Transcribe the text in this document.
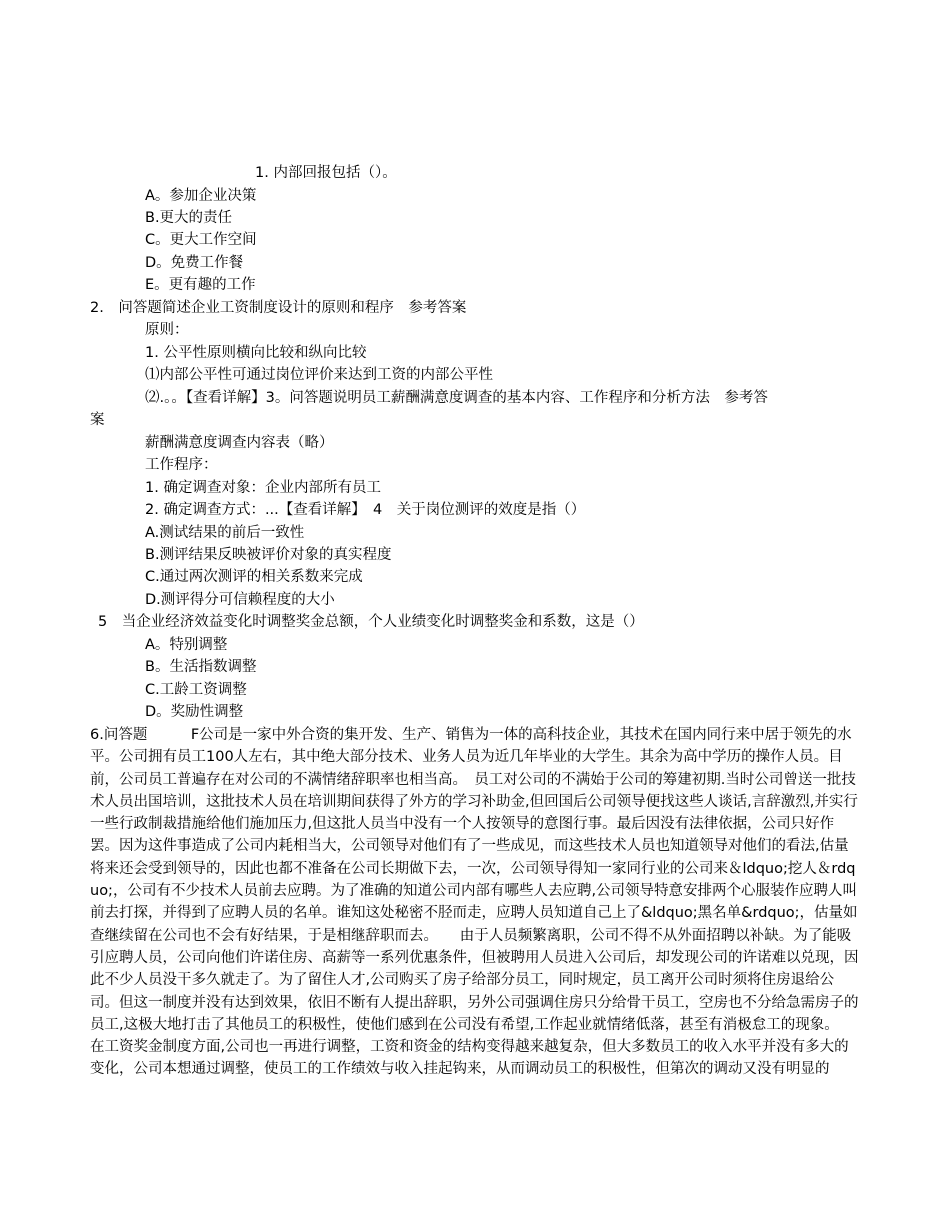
1. 内部回报包括（）。
A。参加企业决策
B.更大的责任
C。更大工作空间
D。免费工作餐
E。更有趣的工作
2.　问答题简述企业工资制度设计的原则和程序　参考答案
原则：
1. 公平性原则横向比较和纵向比较
⑴内部公平性可通过岗位评价来达到工资的内部公平性
⑵.。。【查看详解】3。问答题说明员工薪酬满意度调查的基本内容、工作程序和分析方法　参考答
案
薪酬满意度调查内容表（略）
工作程序：
1. 确定调查对象：企业内部所有员工
2. 确定调查方式：...【查看详解】　4　关于岗位测评的效度是指（）
A.测试结果的前后一致性
B.测评结果反映被评价对象的真实程度
C.通过两次测评的相关系数来完成
D.测评得分可信赖程度的大小
5　当企业经济效益变化时调整奖金总额，个人业绩变化时调整奖金和系数，这是（）
A。特别调整
B。生活指数调整
C.工龄工资调整
D。奖励性调整
6.问答题　　　F公司是一家中外合资的集开发、生产、销售为一体的高科技企业，其技术在国内同行来中居于领先的水平。公司拥有员工100人左右，其中绝大部分技术、业务人员为近几年毕业的大学生。其余为高中学历的操作人员。目前，公司员工普遍存在对公司的不满情绪辞职率也相当高。　员工对公司的不满始于公司的筹建初期.当时公司曾送一批技术人员出国培训，这批技术人员在培训期间获得了外方的学习补助金,但回国后公司领导便找这些人谈话,言辞激烈,并实行一些行政制裁措施给他们施加压力,但这批人员当中没有一个人按领导的意图行事。最后因没有法律依据，公司只好作罢。因为这件事造成了公司内耗相当大，公司领导对他们有了一些成见，而这些技术人员也知道领导对他们的看法,估量将来还会受到领导的，因此也都不准备在公司长期做下去，一次，公司领导得知一家同行业的公司来＆ldquo;挖人＆rdquo;，公司有不少技术人员前去应聘。为了准确的知道公司内部有哪些人去应聘,公司领导特意安排两个心服装作应聘人叫前去打探，并得到了应聘人员的名单。谁知这处秘密不胫而走，应聘人员知道自己上了&ldquo;黑名单&rdquo;，估量如查继续留在公司也不会有好结果，于是相继辞职而去。　　由于人员频繁离职，公司不得不从外面招聘以补缺。为了能吸引应聘人员，公司向他们许诺住房、高薪等一系列优惠条件，但被聘用人员进入公司后，却发现公司的许诺难以兑现，因此不少人员没干多久就走了。为了留住人才,公司购买了房子给部分员工，同时规定，员工离开公司时须将住房退给公司。但这一制度并没有达到效果，依旧不断有人提出辞职，另外公司强调住房只分给骨干员工，空房也不分给急需房子的员工,这极大地打击了其他员工的积极性，使他们感到在公司没有希望,工作起业就情绪低落，甚至有消极怠工的现象。　在工资奖金制度方面,公司也一再进行调整，工资和资金的结构变得越来越复杂，但大多数员工的收入水平并没有多大的变化，公司本想通过调整，使员工的工作绩效与收入挂起钩来，从而调动员工的积极性，但第次的调动又没有明显的
